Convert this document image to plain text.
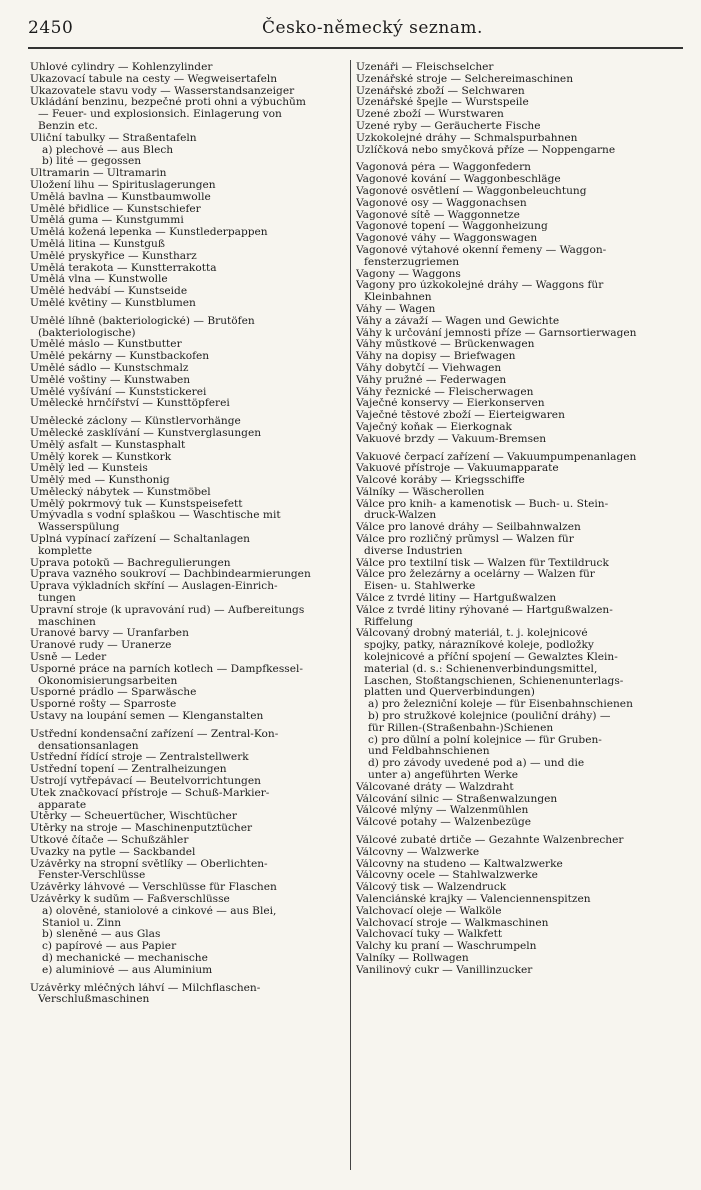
2450	Česko-německý seznam.
Uhlové cylindry — Kohlenzylinder
Ukazovací tabule na cesty — Wegweisertafeln
Ukazovatele stavu vody — Wasserstandsanzeiger
Ukládání benzinu, bezpečné proti ohni a výbuchům
— Feuer- und explosionsich. Einlagerung von
Benzin etc.
Uliční tabulky — Straßentafeln
a) plechové — aus Blech
b) lité — gegossen
Ultramarin — Ultramarin
Uložení lihu — Spirituslagerungen
Umělá bavlna — Kunstbaumwolle
Umělé břidlice — Kunstschiefer
Umělá guma — Kunstgummi
Umělá kožená lepenka — Kunstlederpappen
Umělá litina — Kunstguß
Umělé pryskyřice — Kunstharz
Umělá terakota — Kunstterrakotta
Umělá vlna — Kunstwolle
Umělé hedvábí — Kunstseide
Umělé květiny — Kunstblumen
Umělé líhně (bakteriologické) — Brutöfen
(bakteriologische)
Umělé máslo — Kunstbutter
Umělé pekárny — Kunstbackofen
Umělé sádlo — Kunstschmalz
Umělé voštiny — Kunstwaben
Umělé vyšívání — Kunststickerei
Umělecké hrnčířství — Kunsttöpferei
Umělecké záclony — Künstlervorhänge
Umělecké zasklívání — Kunstverglasungen
Umělý asfalt — Kunstasphalt
Umělý korek — Kunstkork
Umělý led — Kunsteis
Umělý med — Kunsthonig
Umělecký nábytek — Kunstmöbel
Umělý pokrmový tuk — Kunstspeisefett
Umývadla s vodní splaškou — Waschtische mit
Wasserspülung
Úplná vypínací zařízení — Schaltanlagen
komplette
Úprava potoků — Bachregulierungen
Úprava vazného soukroví — Dachbindearmierungen
Úprava výkladních skříní — Auslagen-Einrich-
tungen
Úpravní stroje (k upravování rud) — Aufbereitungs
maschinen
Uranové barvy — Uranfarben
Uranové rudy — Uranerze
Usně — Leder
Úsporné práce na parních kotlech — Dampfkessel-
Ökonomisierungsarbeiten
Úsporné prádlo — Sparwäsche
Úsporné rošty — Sparroste
Ústavy na loupání semen — Klenganstalten
Ústřední kondensační zařízení — Zentral-Kon-
densationsanlagen
Ústřední řídící stroje — Zentralstellwerk
Ústřední topení — Zentralheizungen
Ústrojí vytřepávací — Beutelvorrichtungen
Útek značkovací přístroje — Schuß-Markier-
apparate
Utěrky — Scheuertücher, Wischtücher
Utěrky na stroje — Maschinenputztücher
Útkové čítače — Schußzähler
Úvazky na pytle — Sackbandel
Uzávěrky na stropní světlíky — Oberlichten-
Fenster-Verschlüsse
Uzávěrky láhvové — Verschlüsse für Flaschen
Uzávěrky k sudům — Faßverschlüsse
a) olověné, staniolové a cinkové — aus Blei,
Staniol u. Zinn
b) sleněné — aus Glas
c) papírové — aus Papier
d) mechanické — mechanische
e) aluminiové — aus Aluminium
Uzávěrky mléčných láhví — Milchflaschen-
Verschlußmaschinen
Uzenáři — Fleischselcher
Uzenářské stroje — Selchereimaschinen
Uzenářské zboží — Selchwaren
Uzenářské špejle — Wurstspeile
Uzené zboží — Wurstwaren
Uzené ryby — Geräucherte Fische
Úzkokolejné dráhy — Schmalspurbahnen
Uzlíčková nebo smyčková příze — Noppengarne
Vagonová péra — Waggonfedern
Vagonové kování — Waggonbeschläge
Vagonové osvětlení — Waggonbeleuchtung
Vagonové osy — Waggonachsen
Vagonové sítě — Waggonnetze
Vagonové topení — Waggonheizung
Vagonové váhy — Waggonswagen
Vagonové výtahové okenní řemeny — Waggon-
fensterzugriemen
Vagony — Waggons
Vagony pro úzkokolejné dráhy — Waggons für
Kleinbahnen
Váhy — Wagen
Váhy a závaží — Wagen und Gewichte
Váhy k určování jemnosti příze — Garnsortierwagen
Váhy můstkové — Brückenwagen
Váhy na dopisy — Briefwagen
Váhy dobytčí — Viehwagen
Váhy pružné — Federwagen
Váhy řeznické — Fleischerwagen
Vaječné konservy — Eierkonserven
Vaječné těstové zboží — Eierteigwaren
Vaječný koňak — Eierkognak
Vakuové brzdy — Vakuum-Bremsen
Vakuové čerpací zařízení — Vakuumpumpenanlagen
Vakuové přístroje — Vakuumapparate
Valcové koráby — Kriegsschiffe
Válníky — Wäscherollen
Válce pro knih- a kamenotisk — Buch- u. Stein-
druck-Walzen
Válce pro lanové dráhy — Seilbahnwalzen
Válce pro rozličný průmysl — Walzen für
diverse Industrien
Válce pro textilní tisk — Walzen für Textildruck
Válce pro železárny a ocelárny — Walzen für
Eisen- u. Stahlwerke
Válce z tvrdé litiny — Hartgußwalzen
Válce z tvrdé litiny rýhované — Hartgußwalzen-
Riffelung
Válcovaný drobný materiál, t. j. kolejnicové
spojky, patky, nárazníkové koleje, podložky
kolejnicové a příční spojení — Gewalztes Klein-
material (d. s.: Schienenverbindungsmittel,
Laschen, Stoßtangschienen, Schienenunterlags-
platten und Querverbindungen)
a) pro železniční koleje — für Eisenbahnschienen
b) pro stružkové kolejnice (pouliční dráhy) —
für Rillen-(Straßenbahn-)Schienen
c) pro důlní a polní kolejnice — für Gruben-
und Feldbahnschienen
d) pro závody uvedené pod a) — und die
unter a) angeführten Werke
Válcované dráty — Walzdraht
Válcování silnic — Straßenwalzungen
Válcové mlýny — Walzenmühlen
Válcové potahy — Walzenbezüge
Válcové zubaté drtiče — Gezahnte Walzenbrecher
Válcovny — Walzwerke
Válcovny na studeno — Kaltwalzwerke
Válcovny ocele — Stahlwalzwerke
Válcový tisk — Walzendruck
Valenciánské krajky — Valenciennenspitzen
Valchovací oleje — Walköle
Valchovací stroje — Walkmaschinen
Valchovací tuky — Walkfett
Valchy ku praní — Waschrumpeln
Valníky — Rollwagen
Vanilinový cukr — Vanillinzucker
